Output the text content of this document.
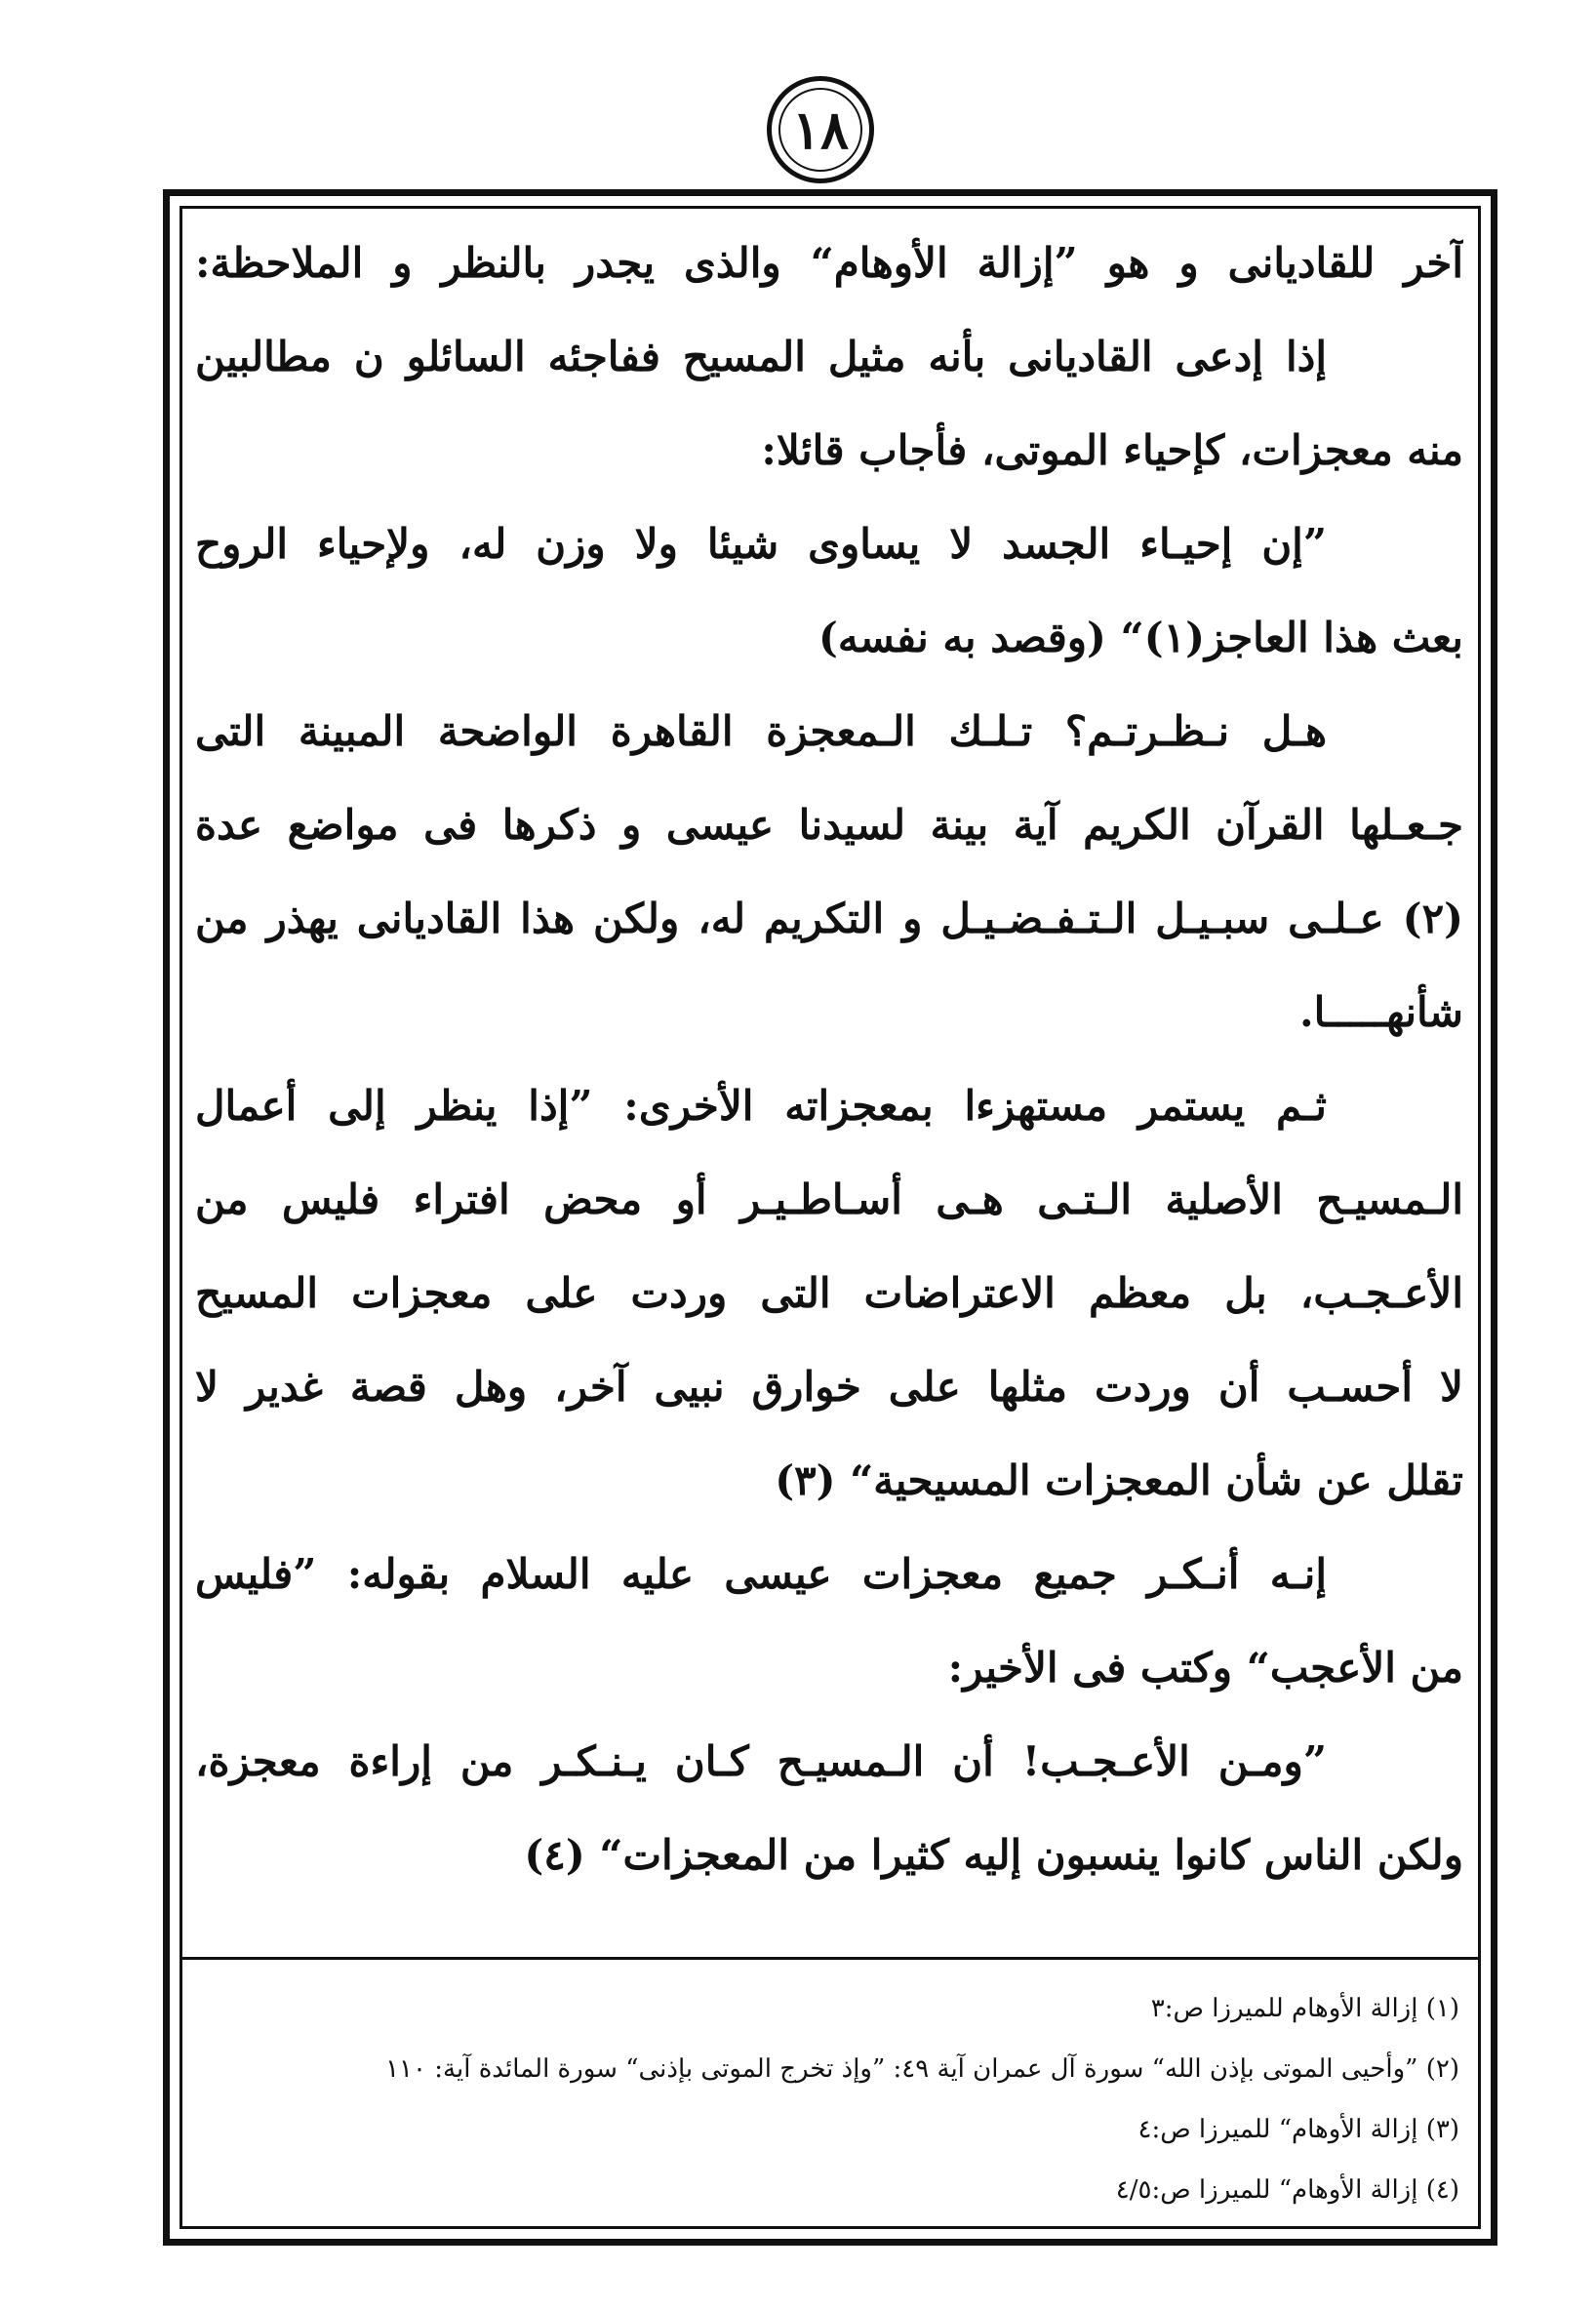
١٨
آخر للقاديانى و هو ”إزالة الأوهام“ والذى يجدر بالنظر و الملاحظة:
إذا إدعى القاديانى بأنه مثيل المسيح ففاجئه السائلو ن مطالبين
منه معجزات، كإحياء الموتى، فأجاب قائلا:
”إن إحيـاء الجسد لا يساوى شيئا ولا وزن له، ولإحياء الروح
بعث هذا العاجز(١)“ (وقصد به نفسه)
هـل نـظـرتـم؟ تـلـك الـمعجزة القاهرة الواضحة المبينة التى
جـعـلها القرآن الكريم آية بينة لسيدنا عيسى و ذكرها فى مواضع عدة
(٢) عـلـى سبـيـل الـتـفـضـيـل و التكريم له، ولكن هذا القاديانى يهذر من
شأنهـــــا.
ثـم يستمر مستهزءا بمعجزاته الأخرى: ”إذا ينظر إلى أعمال
الـمسيـح الأصلية الـتـى هـى أسـاطـيـر أو محض افتراء فليس من
الأعـجـب، بل معظم الاعتراضات التى وردت على معجزات المسيح
لا أحسـب أن وردت مثلها على خوارق نبيى آخر، وهل قصة غدير لا
تقلل عن شأن المعجزات المسيحية“ (٣)
إنـه أنـكـر جميع معجزات عيسى عليه السلام بقوله: ”فليس
من الأعجب“ وكتب فى الأخير:
”ومـن الأعـجـب! أن الـمسيـح كـان يـنـكـر من إراءة معجزة،
ولكن الناس كانوا ينسبون إليه كثيرا من المعجزات“ (٤)
(١) إزالة الأوهام للميرزا ص:٣
(٢) ”وأحيى الموتى بإذن الله“ سورة آل عمران آية ٤٩: ”وإذ تخرج الموتى بإذنى“ سورة المائدة آية: ١١٠
(٣) إزالة الأوهام“ للميرزا ص:٤
(٤) إزالة الأوهام“ للميرزا ص:٤/٥
